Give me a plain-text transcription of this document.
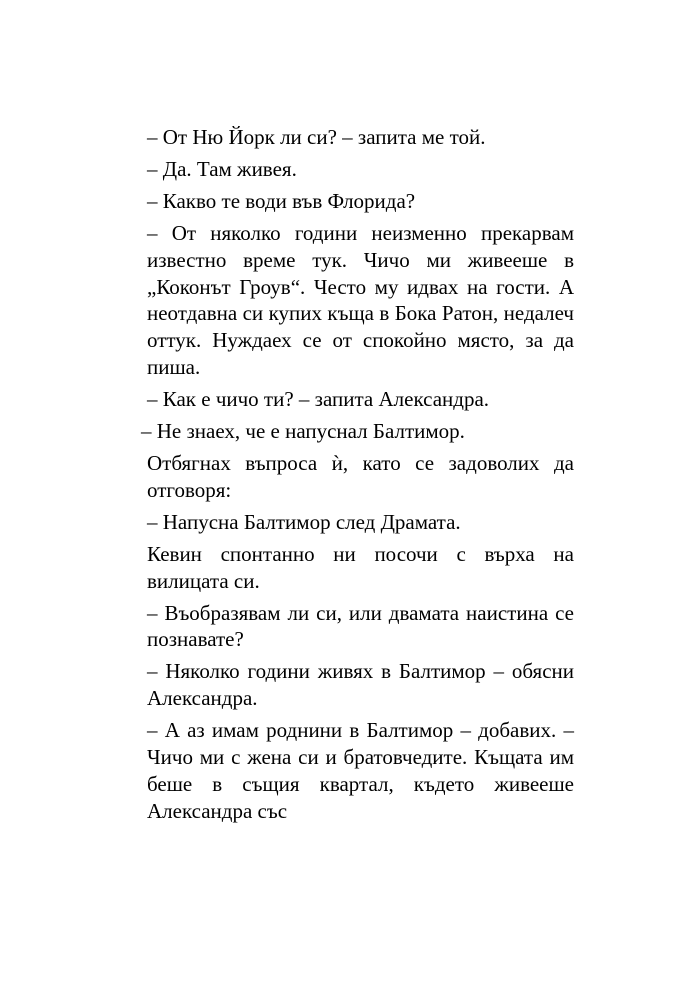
– От Ню Йорк ли си? – запита ме той.

– Да. Там живея.

– Какво те води във Флорида?

– От няколко години неизменно прекарвам известно време тук. Чичо ми живееше в „Коконът Гроув“. Често му идвах на гости. А неотдавна си купих къща в Бока Ратон, недалеч оттук. Нуждаех се от спокойно място, за да пиша.

– Как е чичо ти? – запита Александра.

– Не знаех, че е напуснал Балтимор.

Отбягнах въпроса ѝ, като се задоволих да отговоря:

– Напусна Балтимор след Драмата.

Кевин спонтанно ни посочи с върха на вилицата си.

– Въобразявам ли си, или двамата наистина се познавате?

– Няколко години живях в Балтимор – обясни Александра.

– А аз имам роднини в Балтимор – добавих. – Чичо ми с жена си и братовчедите. Къщата им беше в същия квартал, където живееше Александра със
